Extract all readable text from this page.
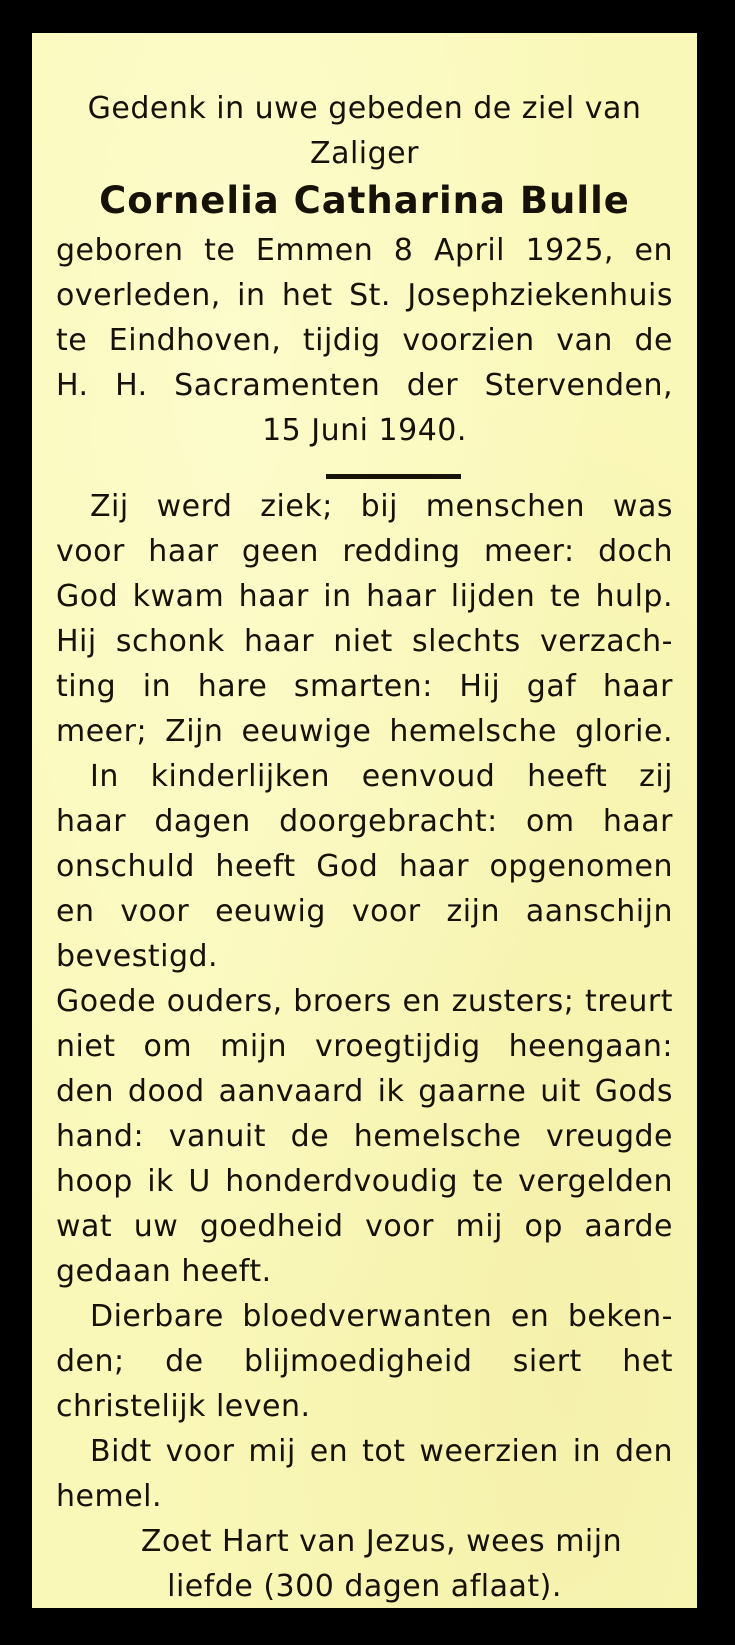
Gedenk in uwe gebeden de ziel van
Zaliger
Cornelia Catharina Bulle
geboren te Emmen 8 April 1925, en
overleden, in het St. Josephziekenhuis
te Eindhoven, tijdig voorzien van de
H. H. Sacramenten der Stervenden,
15 Juni 1940.
Zij werd ziek; bij menschen was
voor haar geen redding meer: doch
God kwam haar in haar lijden te hulp.
Hij schonk haar niet slechts verzach-
ting in hare smarten: Hij gaf haar
meer; Zijn eeuwige hemelsche glorie.
In kinderlijken eenvoud heeft zij
haar dagen doorgebracht: om haar
onschuld heeft God haar opgenomen
en voor eeuwig voor zijn aanschijn
bevestigd.
Goede ouders, broers en zusters; treurt
niet om mijn vroegtijdig heengaan:
den dood aanvaard ik gaarne uit Gods
hand: vanuit de hemelsche vreugde
hoop ik U honderdvoudig te vergelden
wat uw goedheid voor mij op aarde
gedaan heeft.
Dierbare bloedverwanten en beken-
den; de blijmoedigheid siert het
christelijk leven.
Bidt voor mij en tot weerzien in den
hemel.
Zoet Hart van Jezus, wees mijn
liefde (300 dagen aflaat).
